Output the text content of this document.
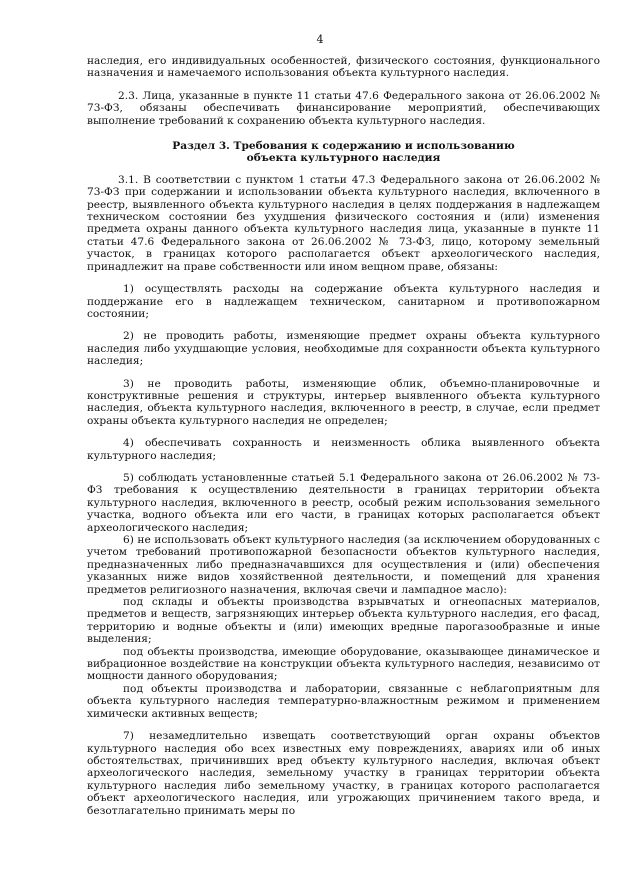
4

наследия, его индивидуальных особенностей, физического состояния, функционального назначения и намечаемого использования объекта культурного наследия.

2.3. Лица, указанные в пункте 11 статьи 47.6 Федерального закона от 26.06.2002 № 73-ФЗ, обязаны обеспечивать финансирование мероприятий, обеспечивающих выполнение требований к сохранению объекта культурного наследия.

Раздел 3. Требования к содержанию и использованию
объекта культурного наследия

3.1. В соответствии с пунктом 1 статьи 47.3 Федерального закона от 26.06.2002 № 73-ФЗ при содержании и использовании объекта культурного наследия, включенного в реестр, выявленного объекта культурного наследия в целях поддержания в надлежащем техническом состоянии без ухудшения физического состояния и (или) изменения предмета охраны данного объекта культурного наследия лица, указанные в пункте 11 статьи 47.6 Федерального закона от 26.06.2002 № 73-ФЗ, лицо, которому земельный участок, в границах которого располагается объект археологического наследия, принадлежит на праве собственности или ином вещном праве, обязаны:

1) осуществлять расходы на содержание объекта культурного наследия и поддержание его в надлежащем техническом, санитарном и противопожарном состоянии;

2) не проводить работы, изменяющие предмет охраны объекта культурного наследия либо ухудшающие условия, необходимые для сохранности объекта культурного наследия;

3) не проводить работы, изменяющие облик, объемно-планировочные и конструктивные решения и структуры, интерьер выявленного объекта культурного наследия, объекта культурного наследия, включенного в реестр, в случае, если предмет охраны объекта культурного наследия не определен;

4) обеспечивать сохранность и неизменность облика выявленного объекта культурного наследия;

5) соблюдать установленные статьей 5.1 Федерального закона от 26.06.2002 № 73-ФЗ требования к осуществлению деятельности в границах территории объекта культурного наследия, включенного в реестр, особый режим использования земельного участка, водного объекта или его части, в границах которых располагается объект археологического наследия;

6) не использовать объект культурного наследия (за исключением оборудованных с учетом требований противопожарной безопасности объектов культурного наследия, предназначенных либо предназначавшихся для осуществления и (или) обеспечения указанных ниже видов хозяйственной деятельности, и помещений для хранения предметов религиозного назначения, включая свечи и лампадное масло):

под склады и объекты производства взрывчатых и огнеопасных материалов, предметов и веществ, загрязняющих интерьер объекта культурного наследия, его фасад, территорию и водные объекты и (или) имеющих вредные парогазообразные и иные выделения;

под объекты производства, имеющие оборудование, оказывающее динамическое и вибрационное воздействие на конструкции объекта культурного наследия, независимо от мощности данного оборудования;

под объекты производства и лаборатории, связанные с неблагоприятным для объекта культурного наследия температурно-влажностным режимом и применением химически активных веществ;

7) незамедлительно извещать соответствующий орган охраны объектов культурного наследия обо всех известных ему повреждениях, авариях или об иных обстоятельствах, причинивших вред объекту культурного наследия, включая объект археологического наследия, земельному участку в границах территории объекта культурного наследия либо земельному участку, в границах которого располагается объект археологического наследия, или угрожающих причинением такого вреда, и безотлагательно принимать меры по
